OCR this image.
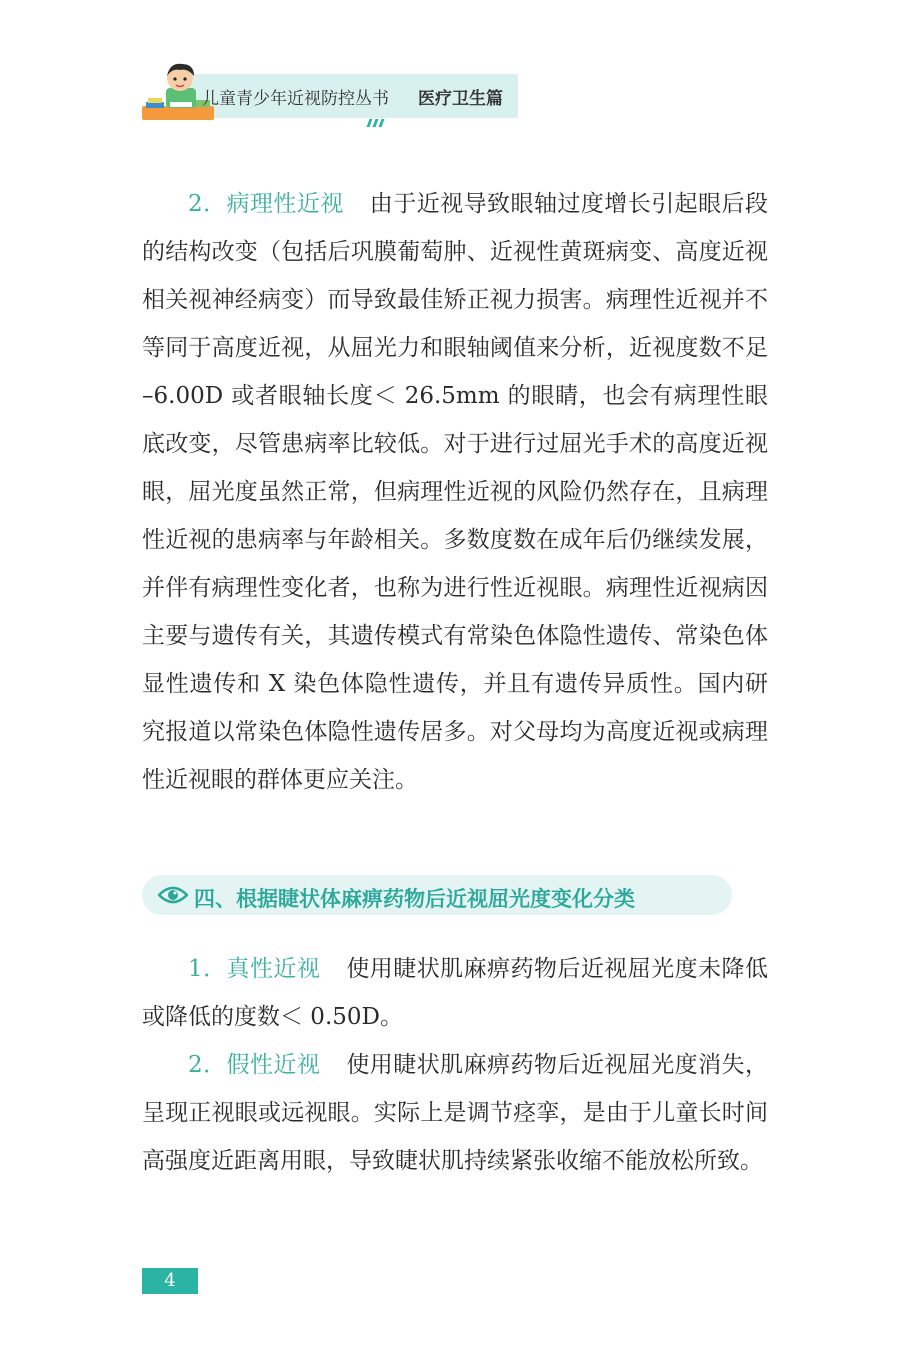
儿童青少年近视防控丛书 医疗卫生篇

2．病理性近视 由于近视导致眼轴过度增长引起眼后段的结构改变（包括后巩膜葡萄肿、近视性黄斑病变、高度近视相关视神经病变）而导致最佳矫正视力损害。病理性近视并不等同于高度近视，从屈光力和眼轴阈值来分析，近视度数不足 –6.00D 或者眼轴长度＜ 26.5mm 的眼睛，也会有病理性眼底改变，尽管患病率比较低。对于进行过屈光手术的高度近视眼，屈光度虽然正常，但病理性近视的风险仍然存在，且病理性近视的患病率与年龄相关。多数度数在成年后仍继续发展，并伴有病理性变化者，也称为进行性近视眼。病理性近视病因主要与遗传有关，其遗传模式有常染色体隐性遗传、常染色体显性遗传和 X 染色体隐性遗传，并且有遗传异质性。国内研究报道以常染色体隐性遗传居多。对父母均为高度近视或病理性近视眼的群体更应关注。

四、根据睫状体麻痹药物后近视屈光度变化分类

1．真性近视 使用睫状肌麻痹药物后近视屈光度未降低或降低的度数＜ 0.50D。

2．假性近视 使用睫状肌麻痹药物后近视屈光度消失，呈现正视眼或远视眼。实际上是调节痉挛，是由于儿童长时间高强度近距离用眼，导致睫状肌持续紧张收缩不能放松所致。

4
